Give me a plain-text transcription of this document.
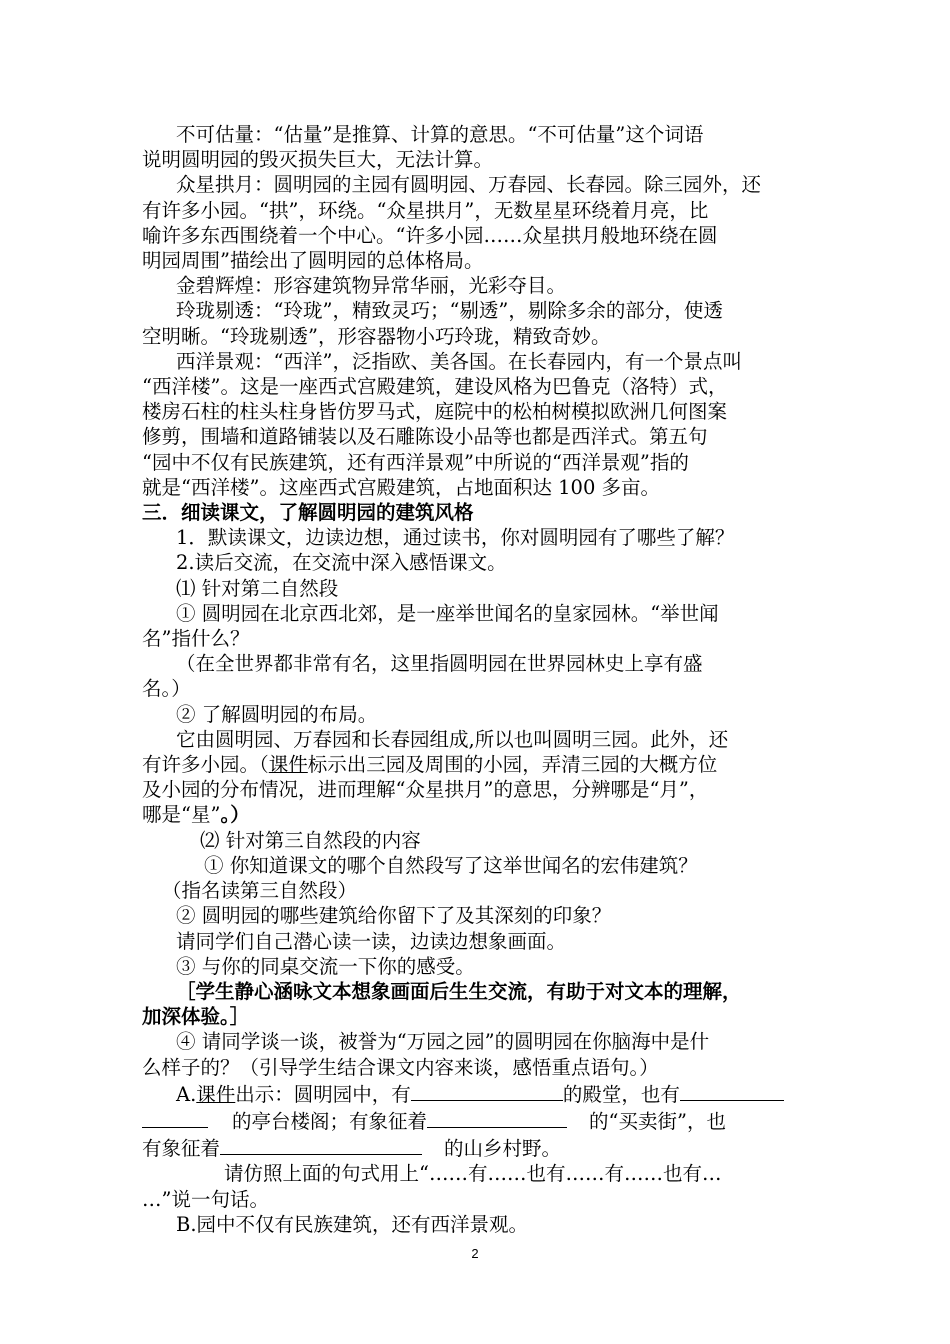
不可估量：“估量”是推算、计算的意思。“不可估量”这个词语

说明圆明园的毁灭损失巨大，无法计算。

众星拱月：圆明园的主园有圆明园、万春园、长春园。除三园外，还

有许多小园。“拱”，环绕。“众星拱月”，无数星星环绕着月亮，比

喻许多东西围绕着一个中心。“许多小园……众星拱月般地环绕在圆

明园周围”描绘出了圆明园的总体格局。

金碧辉煌：形容建筑物异常华丽，光彩夺目。

玲珑剔透：“玲珑”，精致灵巧；“剔透”，剔除多余的部分，使透

空明晰。“玲珑剔透”，形容器物小巧玲珑，精致奇妙。

西洋景观：“西洋”，泛指欧、美各国。在长春园内，有一个景点叫

“西洋楼”。这是一座西式宫殿建筑，建设风格为巴鲁克（洛特）式，

楼房石柱的柱头柱身皆仿罗马式，庭院中的松柏树模拟欧洲几何图案

修剪，围墙和道路铺装以及石雕陈设小品等也都是西洋式。第五句

“园中不仅有民族建筑，还有西洋景观”中所说的“西洋景观”指的

就是“西洋楼”。这座西式宫殿建筑，占地面积达 100 多亩。

三．细读课文，了解圆明园的建筑风格

1．默读课文，边读边想，通过读书，你对圆明园有了哪些了解？

2.读后交流，在交流中深入感悟课文。

⑴ 针对第二自然段

① 圆明园在北京西北郊，是一座举世闻名的皇家园林。“举世闻

名”指什么？

（在全世界都非常有名，这里指圆明园在世界园林史上享有盛

名。）

② 了解圆明园的布局。

它由圆明园、万春园和长春园组成,所以也叫圆明三园。此外，还

有许多小园。（课件标示出三园及周围的小园，弄清三园的大概方位

及小园的分布情况，进而理解“众星拱月”的意思，分辨哪是“月”，

哪是“星”。）

⑵ 针对第三自然段的内容

① 你知道课文的哪个自然段写了这举世闻名的宏伟建筑？

（指名读第三自然段）

② 圆明园的哪些建筑给你留下了及其深刻的印象？

请同学们自己潜心读一读，边读边想象画面。

③ 与你的同桌交流一下你的感受。

［学生静心涵咏文本想象画面后生生交流，有助于对文本的理解，

加深体验。］

④ 请同学谈一谈，被誉为“万园之园”的圆明园在你脑海中是什

么样子的？（引导学生结合课文内容来谈，感悟重点语句。）

A.课件出示：圆明园中，有	的殿堂，也有

的亭台楼阁；有象征着	的“买卖街”，也

有象征着	的山乡村野。

请仿照上面的句式用上“……有……也有……有……也有…

…”说一句话。

B.园中不仅有民族建筑，还有西洋景观。

2
